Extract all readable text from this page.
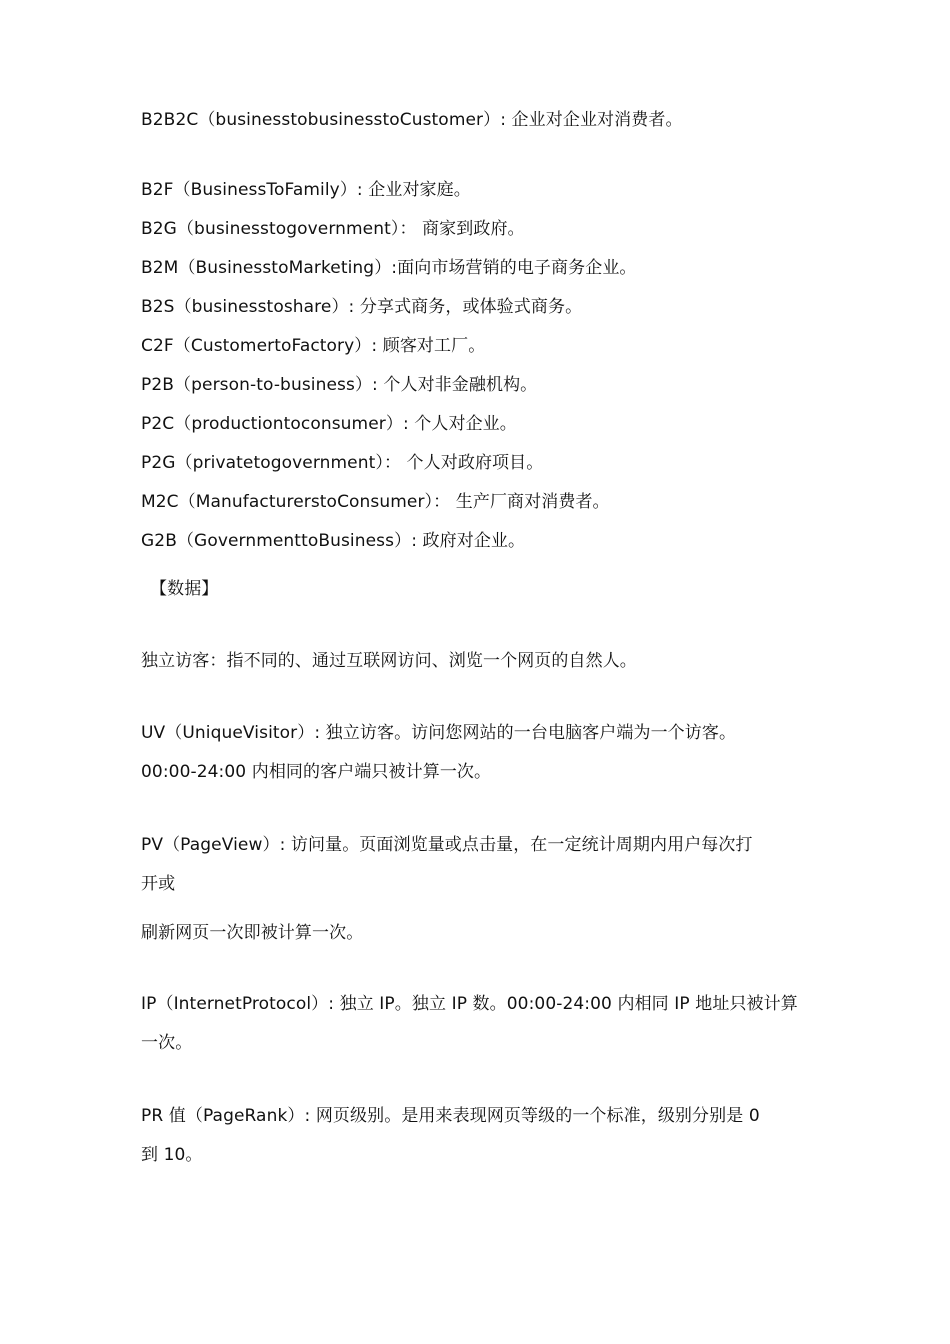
B2B2C（businesstobusinesstoCustomer）: 企业对企业对消费者。
B2F（BusinessToFamily）: 企业对家庭。
B2G（businesstogovernment）： 商家到政府。
B2M（BusinesstoMarketing）:面向市场营销的电子商务企业。
B2S（businesstoshare）: 分享式商务，或体验式商务。
C2F（CustomertoFactory）: 顾客对工厂。
P2B（person-to-business）: 个人对非金融机构。
P2C（productiontoconsumer）: 个人对企业。
P2G（privatetogovernment）： 个人对政府项目。
M2C（ManufacturerstoConsumer）： 生产厂商对消费者。
G2B（GovernmenttoBusiness）: 政府对企业。
【数据】
独立访客：指不同的、通过互联网访问、浏览一个网页的自然人。
UV（UniqueVisitor）: 独立访客。访问您网站的一台电脑客户端为一个访客。
00:00-24:00 内相同的客户端只被计算一次。
PV（PageView）: 访问量。页面浏览量或点击量，在一定统计周期内用户每次打
开或
刷新网页一次即被计算一次。
IP（InternetProtocol）: 独立 IP。独立 IP 数。00:00-24:00 内相同 IP 地址只被计算
一次。
PR 值（PageRank）: 网页级别。是用来表现网页等级的一个标准，级别分别是 0
到 10。
